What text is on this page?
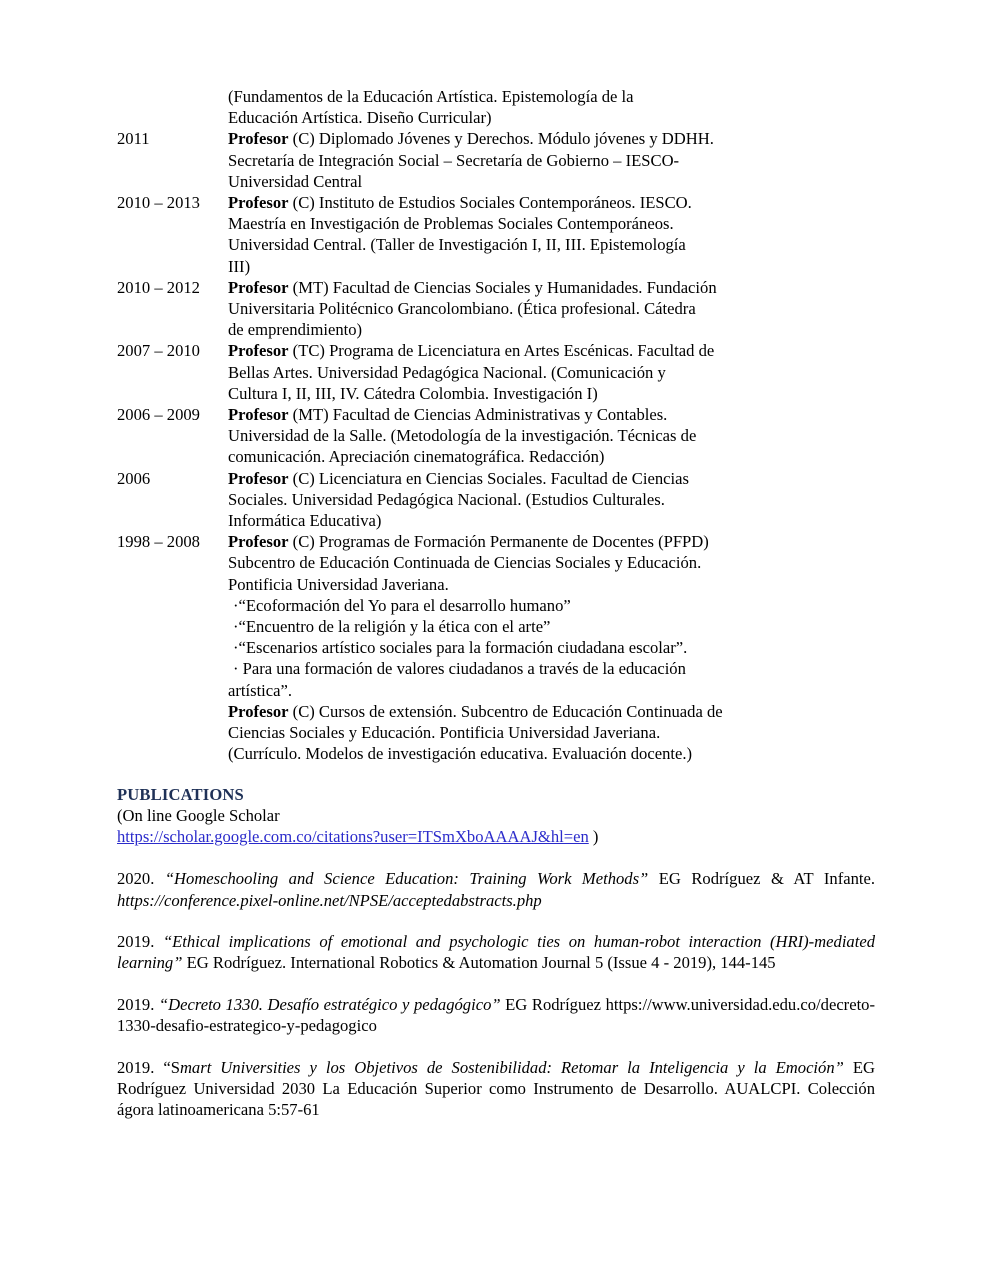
(Fundamentos de la Educación Artística. Epistemología de la

Educación Artística. Diseño Curricular)

2011	Profesor (C) Diplomado Jóvenes y Derechos. Módulo jóvenes y DDHH.

Secretaría de Integración Social – Secretaría de Gobierno – IESCO-

Universidad Central

2010 – 2013	Profesor (C) Instituto de Estudios Sociales Contemporáneos. IESCO.

Maestría en Investigación de Problemas Sociales Contemporáneos.

Universidad Central. (Taller de Investigación I, II, III. Epistemología

III)

2010 – 2012	Profesor (MT) Facultad de Ciencias Sociales y Humanidades. Fundación

Universitaria Politécnico Grancolombiano. (Ética profesional. Cátedra

de emprendimiento)

2007 – 2010	Profesor (TC) Programa de Licenciatura en Artes Escénicas. Facultad de

Bellas Artes. Universidad Pedagógica Nacional. (Comunicación y

Cultura I, II, III, IV. Cátedra Colombia. Investigación I)

2006 – 2009	Profesor (MT) Facultad de Ciencias Administrativas y Contables.

Universidad de la Salle. (Metodología de la investigación. Técnicas de

comunicación. Apreciación cinematográfica. Redacción)

2006	Profesor (C) Licenciatura en Ciencias Sociales. Facultad de Ciencias

Sociales. Universidad Pedagógica Nacional. (Estudios Culturales.

Informática Educativa)

1998 – 2008	Profesor (C) Programas de Formación Permanente de Docentes (PFPD)

Subcentro de Educación Continuada de Ciencias Sociales y Educación.

Pontificia Universidad Javeriana.

·“Ecoformación del Yo para el desarrollo humano”

·“Encuentro de la religión y la ética con el arte”

·“Escenarios artístico sociales para la formación ciudadana escolar”.

· Para una formación de valores ciudadanos a través de la educación

artística”.

Profesor (C) Cursos de extensión. Subcentro de Educación Continuada de

Ciencias Sociales y Educación. Pontificia Universidad Javeriana.

(Currículo. Modelos de investigación educativa. Evaluación docente.)

PUBLICATIONS

(On line Google Scholar

https://scholar.google.com.co/citations?user=ITSmXboAAAAJ&hl=en )

2020. “Homeschooling and Science Education: Training Work Methods” EG Rodríguez & AT Infante. https://conference.pixel-online.net/NPSE/acceptedabstracts.php

2019. “Ethical implications of emotional and psychologic ties on human-robot interaction (HRI)-mediated learning” EG Rodríguez. International Robotics & Automation Journal 5 (Issue 4 - 2019), 144-145

2019. “Decreto 1330. Desafío estratégico y pedagógico” EG Rodríguez https://www.universidad.edu.co/decreto-1330-desafio-estrategico-y-pedagogico

2019. “Smart Universities y los Objetivos de Sostenibilidad: Retomar la Inteligencia y la Emoción” EG Rodríguez Universidad 2030 La Educación Superior como Instrumento de Desarrollo. AUALCPI. Colección ágora latinoamericana 5:57-61
